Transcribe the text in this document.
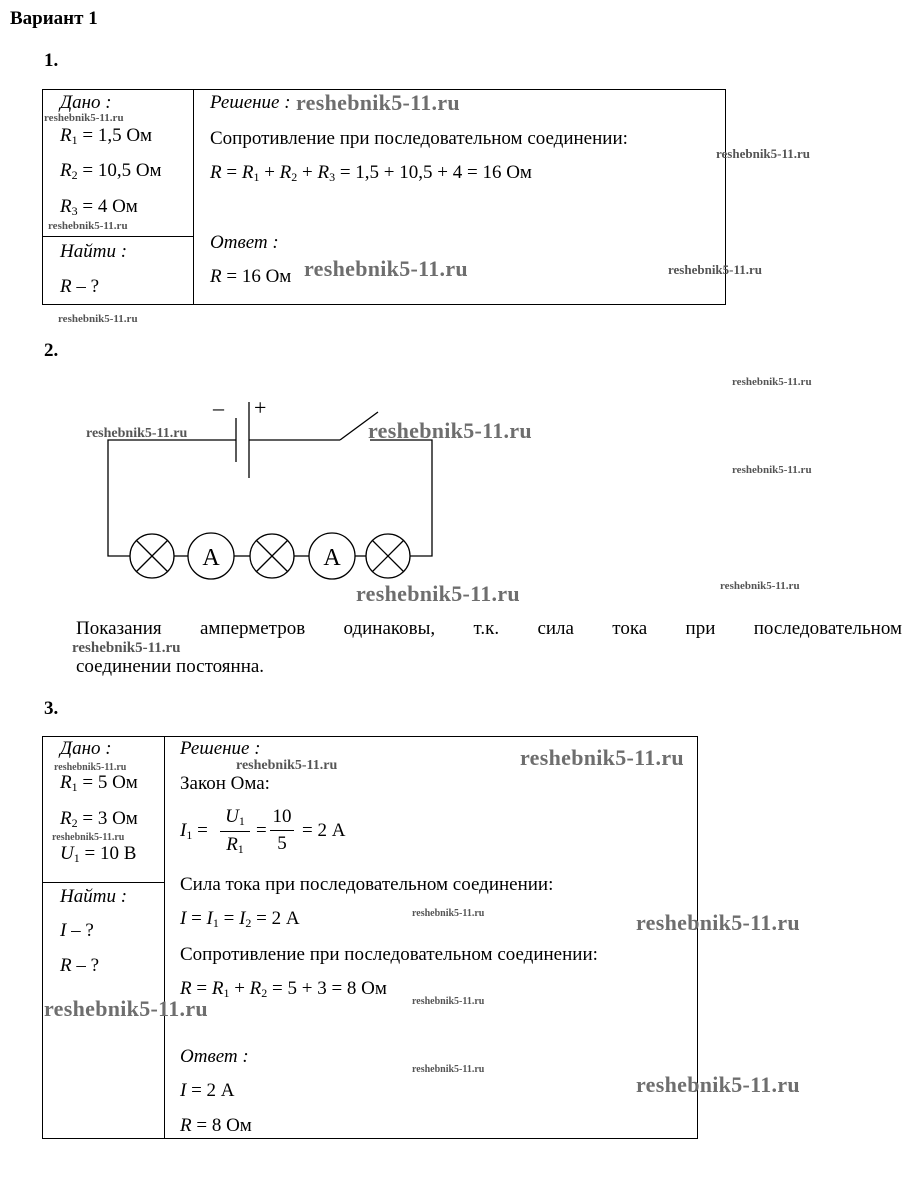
Вариант 1
1.
Дано :
$R_1 = 1,5$ Ом
$R_2 = 10,5$ Ом
$R_3 = 4$ Ом
Найти :
R – ?
Решение :
Сопротивление при последовательном соединении:
$R = R_1 + R_2 + R_3 = 1,5 + 10,5 + 4 = 16$ Ом
Ответ :
R = 16 Ом
2.
– +
A	A
Показания амперметров одинаковы, т.к. сила тока при последовательном
соединении постоянна.
3.
Дано :
$R_1 = 5$ Ом
$R_2 = 3$ Ом
$U_1 = 10$ В
Найти :
I – ?
R – ?
Решение :
Закон Ома:
$I_1$ =
$U_1$
$R_1$
=
10
5
= 2 А
Сила тока при последовательном соединении:
$I = I_1 = I_2 = 2$ А
Сопротивление при последовательном соединении:
$R = R_1 + R_2 = 5 + 3 = 8$ Ом
Ответ :
I = 2 А
R = 8 Ом
reshebnik5-11.ru
reshebnik5-11.ru
reshebnik5-11.ru
reshebnik5-11.ru
reshebnik5-11.ru	reshebnik5-11.ru
reshebnik5-11.ru
reshebnik5-11.ru
reshebnik5-11.ru	reshebnik5-11.ru
reshebnik5-11.ru
reshebnik5-11.ru	reshebnik5-11.ru
reshebnik5-11.ru
reshebnik5-11.ru	reshebnik5-11.ru	reshebnik5-11.ru
reshebnik5-11.ru
reshebnik5-11.ru	reshebnik5-11.ru
reshebnik5-11.ru
reshebnik5-11.ru
reshebnik5-11.ru
reshebnik5-11.ru
